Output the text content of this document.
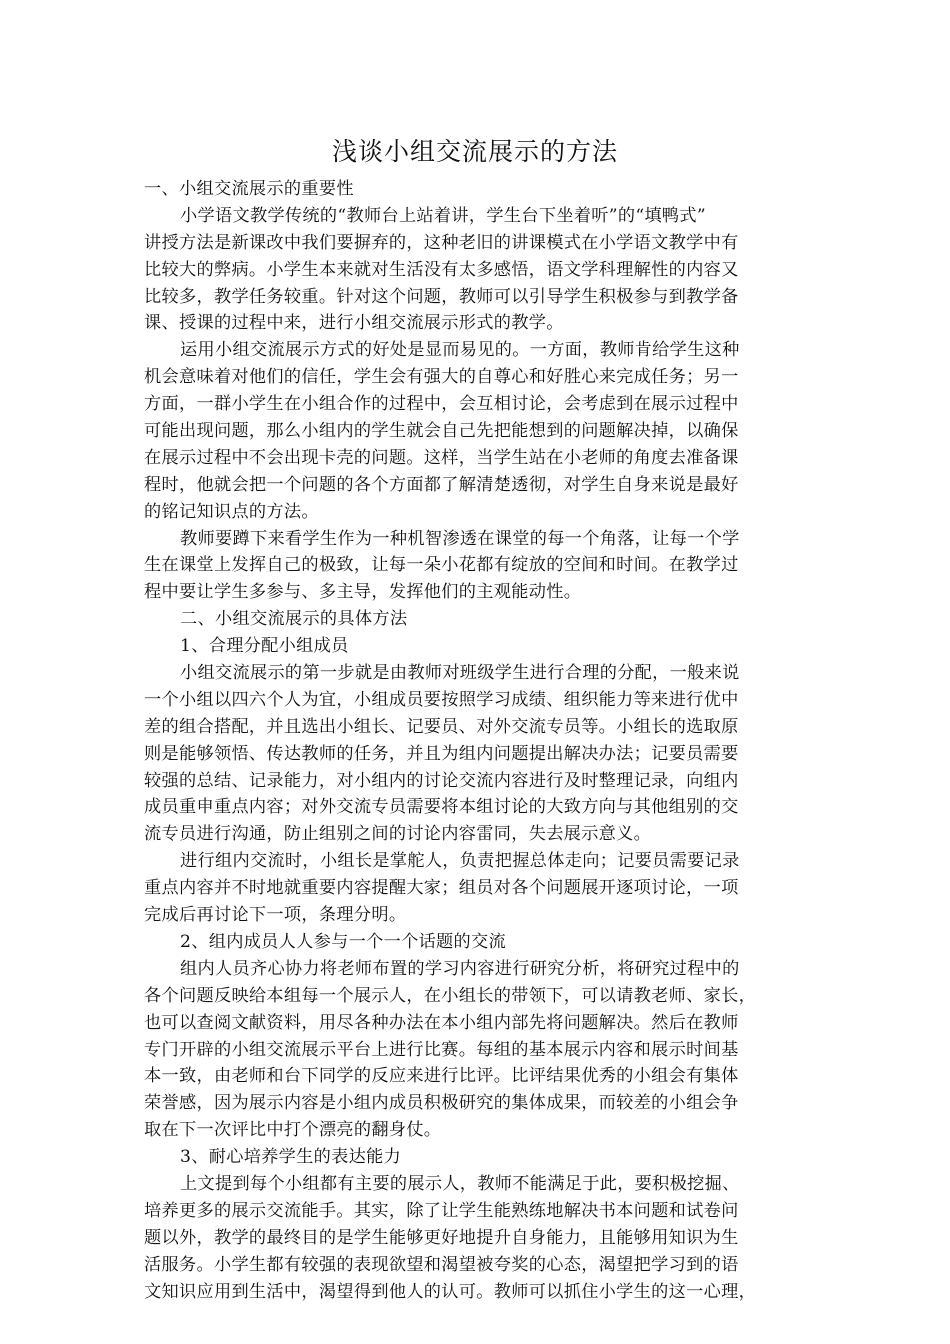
浅谈小组交流展示的方法
一、小组交流展示的重要性
小学语文教学传统的“教师台上站着讲，学生台下坐着听”的“填鸭式”
讲授方法是新课改中我们要摒弃的，这种老旧的讲课模式在小学语文教学中有
比较大的弊病。小学生本来就对生活没有太多感悟，语文学科理解性的内容又
比较多，教学任务较重。针对这个问题，教师可以引导学生积极参与到教学备
课、授课的过程中来，进行小组交流展示形式的教学。
运用小组交流展示方式的好处是显而易见的。一方面，教师肯给学生这种
机会意味着对他们的信任，学生会有强大的自尊心和好胜心来完成任务；另一
方面，一群小学生在小组合作的过程中，会互相讨论，会考虑到在展示过程中
可能出现问题，那么小组内的学生就会自己先把能想到的问题解决掉，以确保
在展示过程中不会出现卡壳的问题。这样，当学生站在小老师的角度去准备课
程时，他就会把一个问题的各个方面都了解清楚透彻，对学生自身来说是最好
的铭记知识点的方法。
教师要蹲下来看学生作为一种机智渗透在课堂的每一个角落，让每一个学
生在课堂上发挥自己的极致，让每一朵小花都有绽放的空间和时间。在教学过
程中要让学生多参与、多主导，发挥他们的主观能动性。
二、小组交流展示的具体方法
1、合理分配小组成员
小组交流展示的第一步就是由教师对班级学生进行合理的分配，一般来说
一个小组以四六个人为宜，小组成员要按照学习成绩、组织能力等来进行优中
差的组合搭配，并且选出小组长、记要员、对外交流专员等。小组长的选取原
则是能够领悟、传达教师的任务，并且为组内问题提出解决办法；记要员需要
较强的总结、记录能力，对小组内的讨论交流内容进行及时整理记录，向组内
成员重申重点内容；对外交流专员需要将本组讨论的大致方向与其他组别的交
流专员进行沟通，防止组别之间的讨论内容雷同，失去展示意义。
进行组内交流时，小组长是掌舵人，负责把握总体走向；记要员需要记录
重点内容并不时地就重要内容提醒大家；组员对各个问题展开逐项讨论，一项
完成后再讨论下一项，条理分明。
2、组内成员人人参与一个一个话题的交流
组内人员齐心协力将老师布置的学习内容进行研究分析，将研究过程中的
各个问题反映给本组每一个展示人，在小组长的带领下，可以请教老师、家长，
也可以查阅文献资料，用尽各种办法在本小组内部先将问题解决。然后在教师
专门开辟的小组交流展示平台上进行比赛。每组的基本展示内容和展示时间基
本一致，由老师和台下同学的反应来进行比评。比评结果优秀的小组会有集体
荣誉感，因为展示内容是小组内成员积极研究的集体成果，而较差的小组会争
取在下一次评比中打个漂亮的翻身仗。
3、耐心培养学生的表达能力
上文提到每个小组都有主要的展示人，教师不能满足于此，要积极挖掘、
培养更多的展示交流能手。其实，除了让学生能熟练地解决书本问题和试卷问
题以外，教学的最终目的是学生能够更好地提升自身能力，且能够用知识为生
活服务。小学生都有较强的表现欲望和渴望被夸奖的心态，渴望把学习到的语
文知识应用到生活中，渴望得到他人的认可。教师可以抓住小学生的这一心理，
